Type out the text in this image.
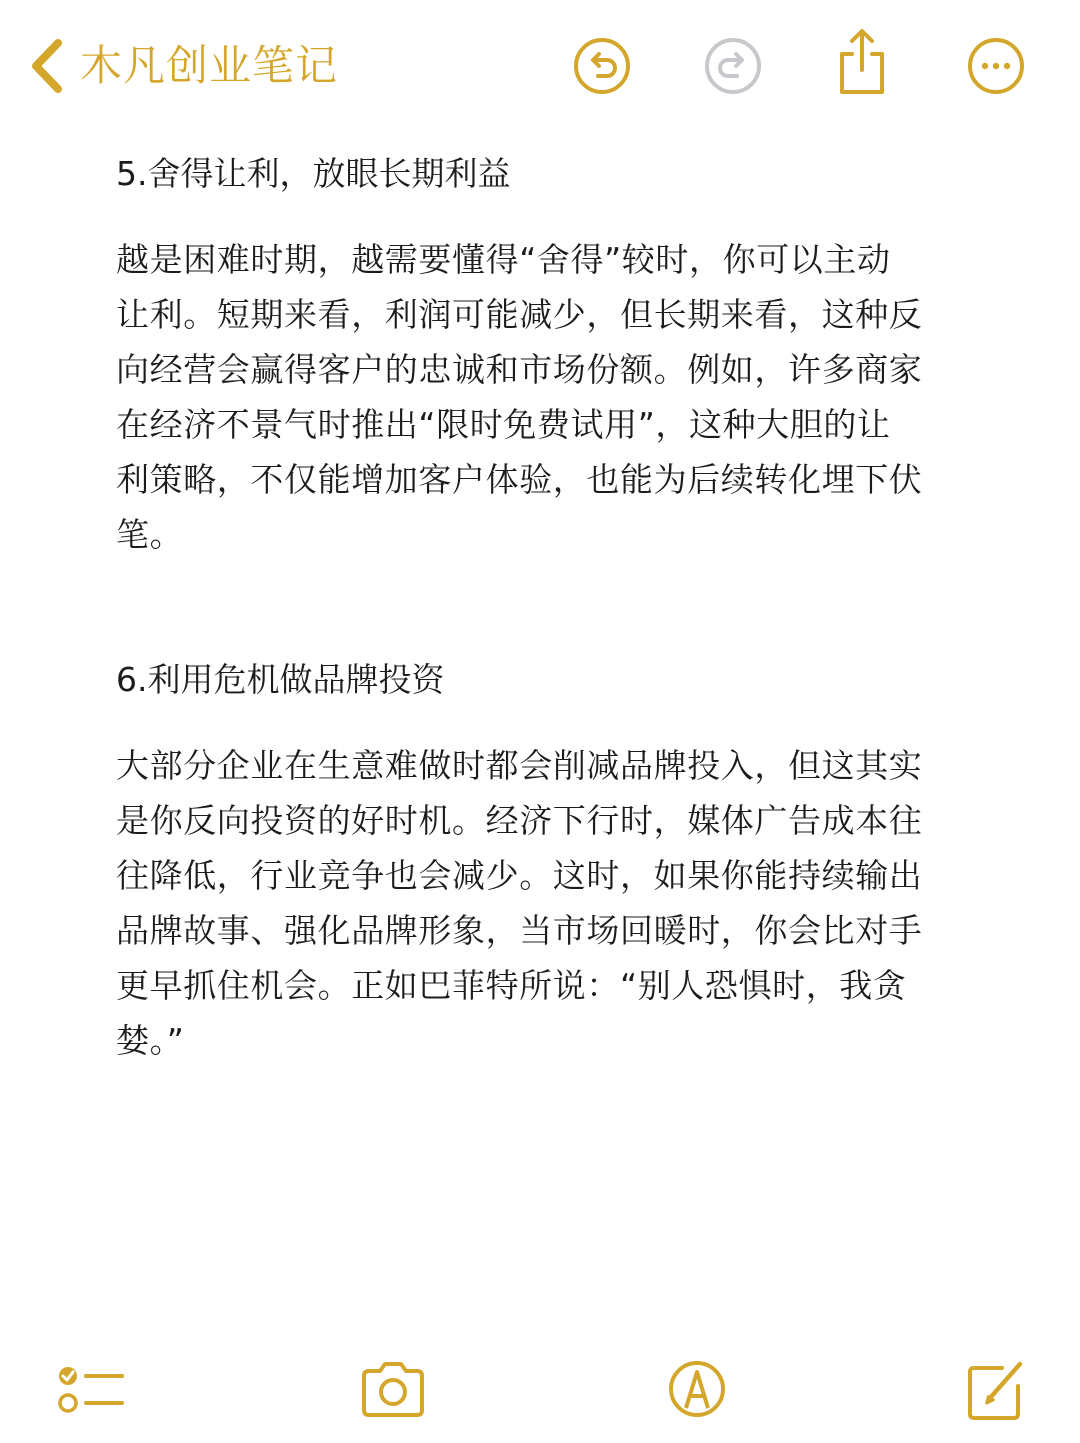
木凡创业笔记

5.舍得让利，放眼长期利益

越是困难时期，越需要懂得“舍得”较时，你可以主动

让利。短期来看，利润可能减少，但长期来看，这种反

向经营会赢得客户的忠诚和市场份额。例如，许多商家

在经济不景气时推出“限时免费试用”，这种大胆的让

利策略，不仅能增加客户体验，也能为后续转化埋下伏

笔。

6.利用危机做品牌投资

大部分企业在生意难做时都会削减品牌投入，但这其实

是你反向投资的好时机。经济下行时，媒体广告成本往

往降低，行业竞争也会减少。这时，如果你能持续输出

品牌故事、强化品牌形象，当市场回暖时，你会比对手

更早抓住机会。正如巴菲特所说：“别人恐惧时，我贪

婪。”
